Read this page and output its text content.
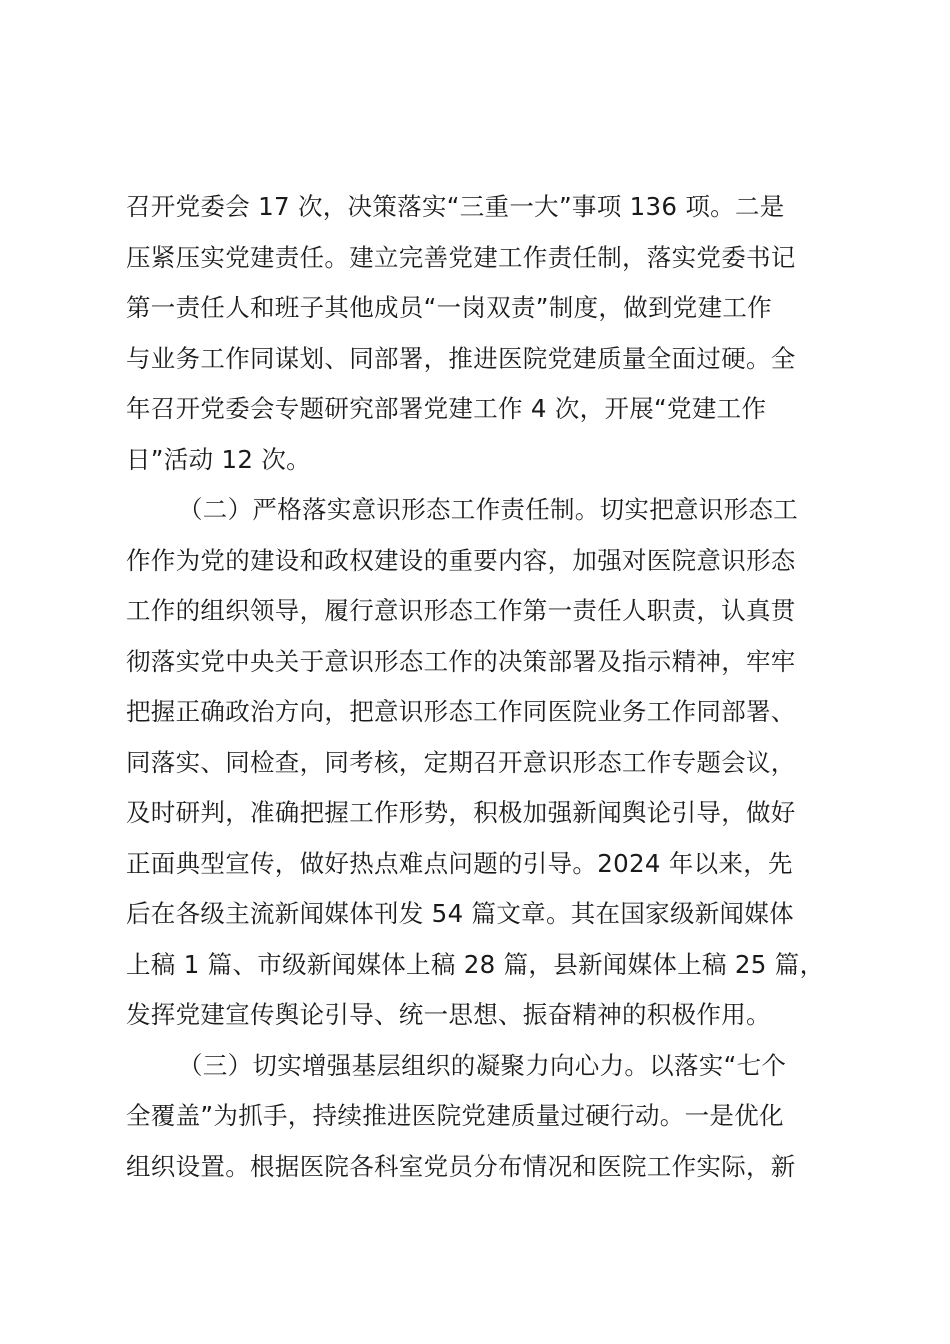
召开党委会 17 次，决策落实“三重一大”事项 136 项。二是
压紧压实党建责任。建立完善党建工作责任制，落实党委书记
第一责任人和班子其他成员“一岗双责”制度，做到党建工作
与业务工作同谋划、同部署，推进医院党建质量全面过硬。全
年召开党委会专题研究部署党建工作 4 次，开展“党建工作
日”活动 12 次。
（二）严格落实意识形态工作责任制。切实把意识形态工
作作为党的建设和政权建设的重要内容，加强对医院意识形态
工作的组织领导，履行意识形态工作第一责任人职责，认真贯
彻落实党中央关于意识形态工作的决策部署及指示精神，牢牢
把握正确政治方向，把意识形态工作同医院业务工作同部署、
同落实、同检查，同考核，定期召开意识形态工作专题会议，
及时研判，准确把握工作形势，积极加强新闻舆论引导，做好
正面典型宣传，做好热点难点问题的引导。2024 年以来，先
后在各级主流新闻媒体刊发 54 篇文章。其在国家级新闻媒体
上稿 1 篇、市级新闻媒体上稿 28 篇，县新闻媒体上稿 25 篇，
发挥党建宣传舆论引导、统一思想、振奋精神的积极作用。
（三）切实增强基层组织的凝聚力向心力。以落实“七个
全覆盖”为抓手，持续推进医院党建质量过硬行动。一是优化
组织设置。根据医院各科室党员分布情况和医院工作实际，新
